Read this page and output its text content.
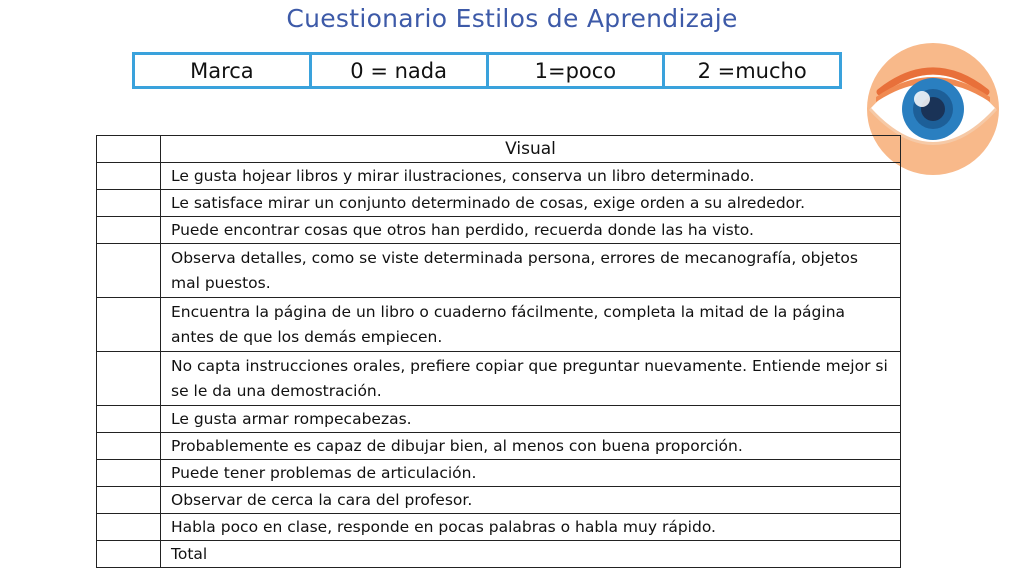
Cuestionario Estilos de Aprendizaje
Marca	0 = nada	1=poco	2 =mucho
	Visual
	Le gusta hojear libros y mirar ilustraciones, conserva un libro determinado.
	Le satisface mirar un conjunto determinado de cosas, exige orden a su alrededor.
	Puede encontrar cosas que otros han perdido, recuerda donde las ha visto.
	Observa detalles, como se viste determinada persona, errores de mecanografía, objetos mal puestos.
	Encuentra la página de un libro o cuaderno fácilmente, completa la mitad de la página antes de que los demás empiecen.
	No capta instrucciones orales, prefiere copiar que preguntar nuevamente. Entiende mejor si se le da una demostración.
	Le gusta armar rompecabezas.
	Probablemente es capaz de dibujar bien, al menos con buena proporción.
	Puede tener problemas de articulación.
	Observar de cerca la cara del profesor.
	Habla poco en clase, responde en pocas palabras o habla muy rápido.
	Total
